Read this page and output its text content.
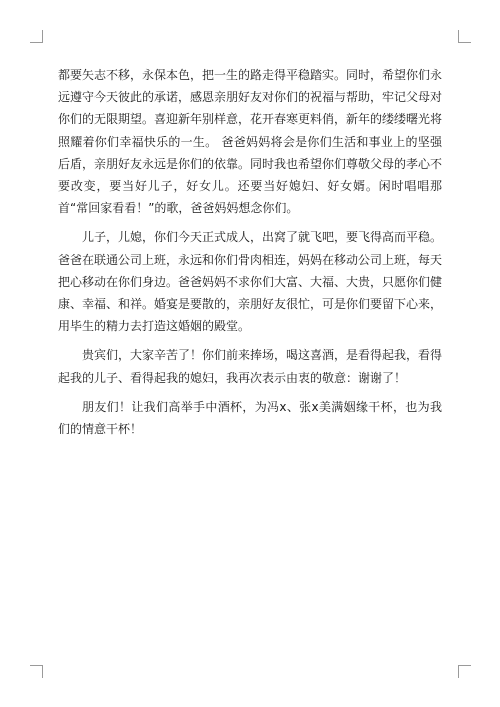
都要矢志不移，永保本色，把一生的路走得平稳踏实。同时，希望你们永远遵守今天彼此的承诺，感恩亲朋好友对你们的祝福与帮助，牢记父母对你们的无限期望。喜迎新年别样意，花开春寒更料俏，新年的缕缕曙光将照耀着你们幸福快乐的一生。 爸爸妈妈将会是你们生活和事业上的坚强后盾，亲朋好友永远是你们的依靠。同时我也希望你们尊敬父母的孝心不要改变，要当好儿子，好女儿。还要当好媳妇、好女婿。闲时唱唱那首“常回家看看！”的歌，爸爸妈妈想念你们。

儿子，儿媳，你们今天正式成人，出窝了就飞吧，要飞得高而平稳。爸爸在联通公司上班，永远和你们骨肉相连，妈妈在移动公司上班，每天把心移动在你们身边。爸爸妈妈不求你们大富、大福、大贵，只愿你们健康、幸福、和祥。婚宴是要散的，亲朋好友很忙，可是你们要留下心来，用毕生的精力去打造这婚姻的殿堂。

贵宾们，大家辛苦了！你们前来捧场，喝这喜酒，是看得起我，看得起我的儿子、看得起我的媳妇，我再次表示由衷的敬意：谢谢了！

朋友们！让我们高举手中酒杯，为冯x、张x美满姻缘干杯，也为我们的情意干杯！
